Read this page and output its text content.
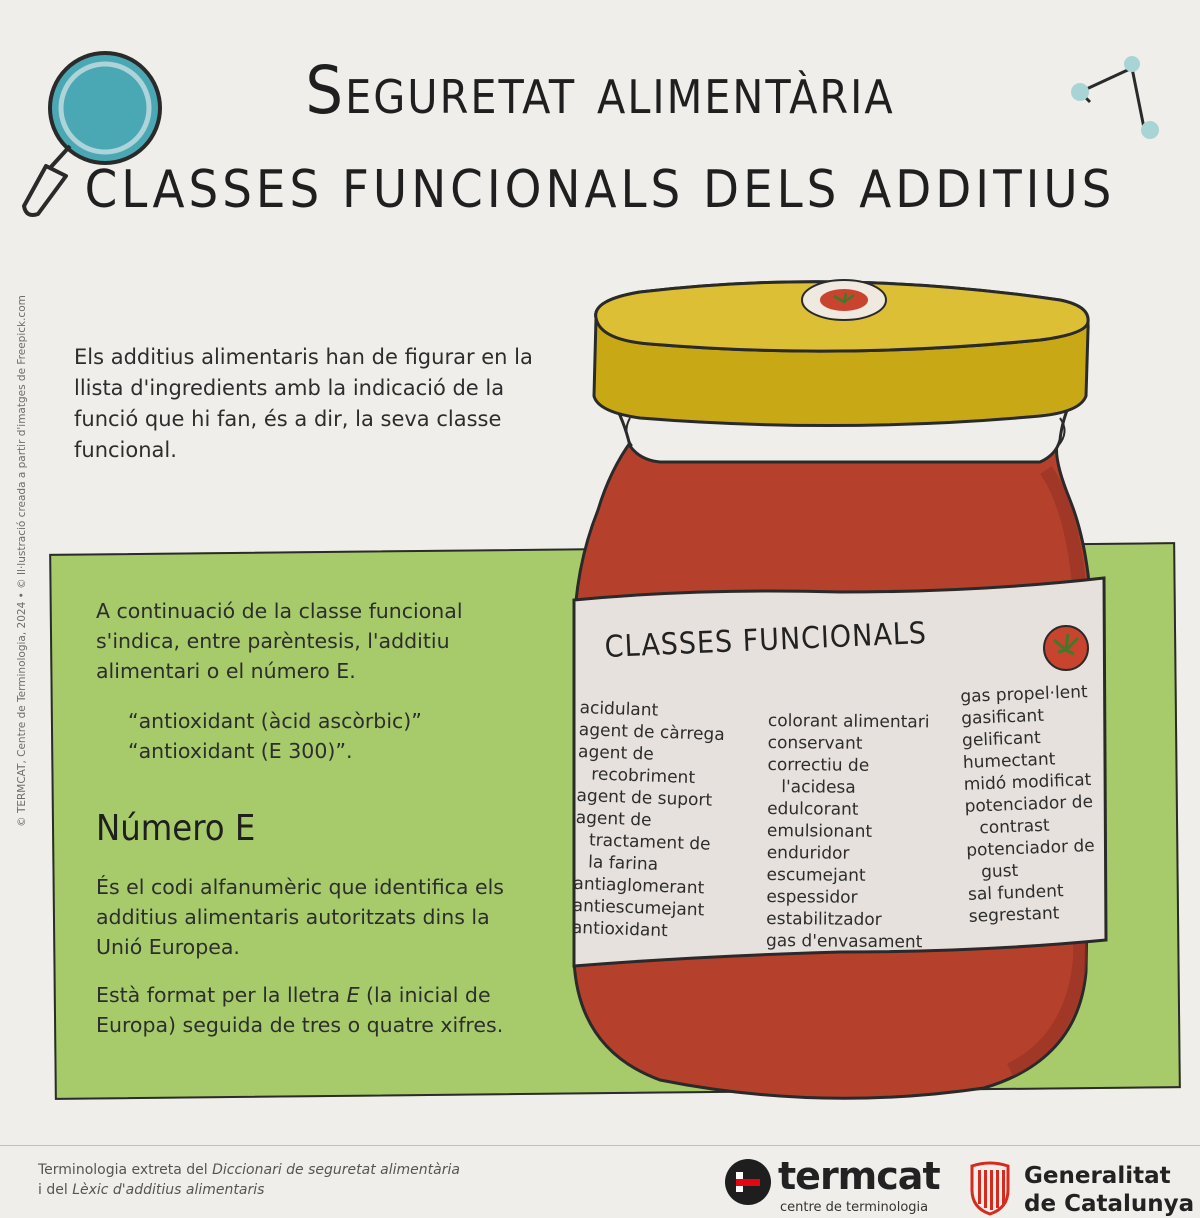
Seguretat alimentària
CLASSES FUNCIONALS DELS ADDITIUS
© TERMCAT, Centre de Terminologia, 2024 • © Il·lustració creada a partir d'imatges de Freepick.com Els additius alimentaris han de figurar en la llista d'ingredients amb la indicació de la funció que hi fan, és a dir, la seva classe funcional.
A continuació de la classe funcional s'indica, entre parèntesis, l'additiu alimentari o el número E.
“antioxidant (àcid ascòrbic)”
“antioxidant (E 300)”.
Número E
És el codi alfanumèric que identifica els additius alimentaris autoritzats dins la Unió Europea.
Està format per la lletra E (la inicial de Europa) seguida de tres o quatre xifres.
CLASSES FUNCIONALS
acidulant
agent de càrrega
agent de
recobriment
agent de suport
agent de
tractament de
la farina
antiaglomerant
antiescumejant
antioxidant
colorant alimentari
conservant
correctiu de
l'acidesa
edulcorant
emulsionant
enduridor
escumejant
espessidor
estabilitzador
gas d'envasament
gas propel·lent
gasificant
gelificant
humectant
midó modificat
potenciador de
contrast
potenciador de
gust
sal fundent
segrestant
Terminologia extreta del Diccionari de seguretat alimentària
i del Lèxic d'additius alimentaris	termcat
centre de terminologia
Generalitat
de Catalunya
